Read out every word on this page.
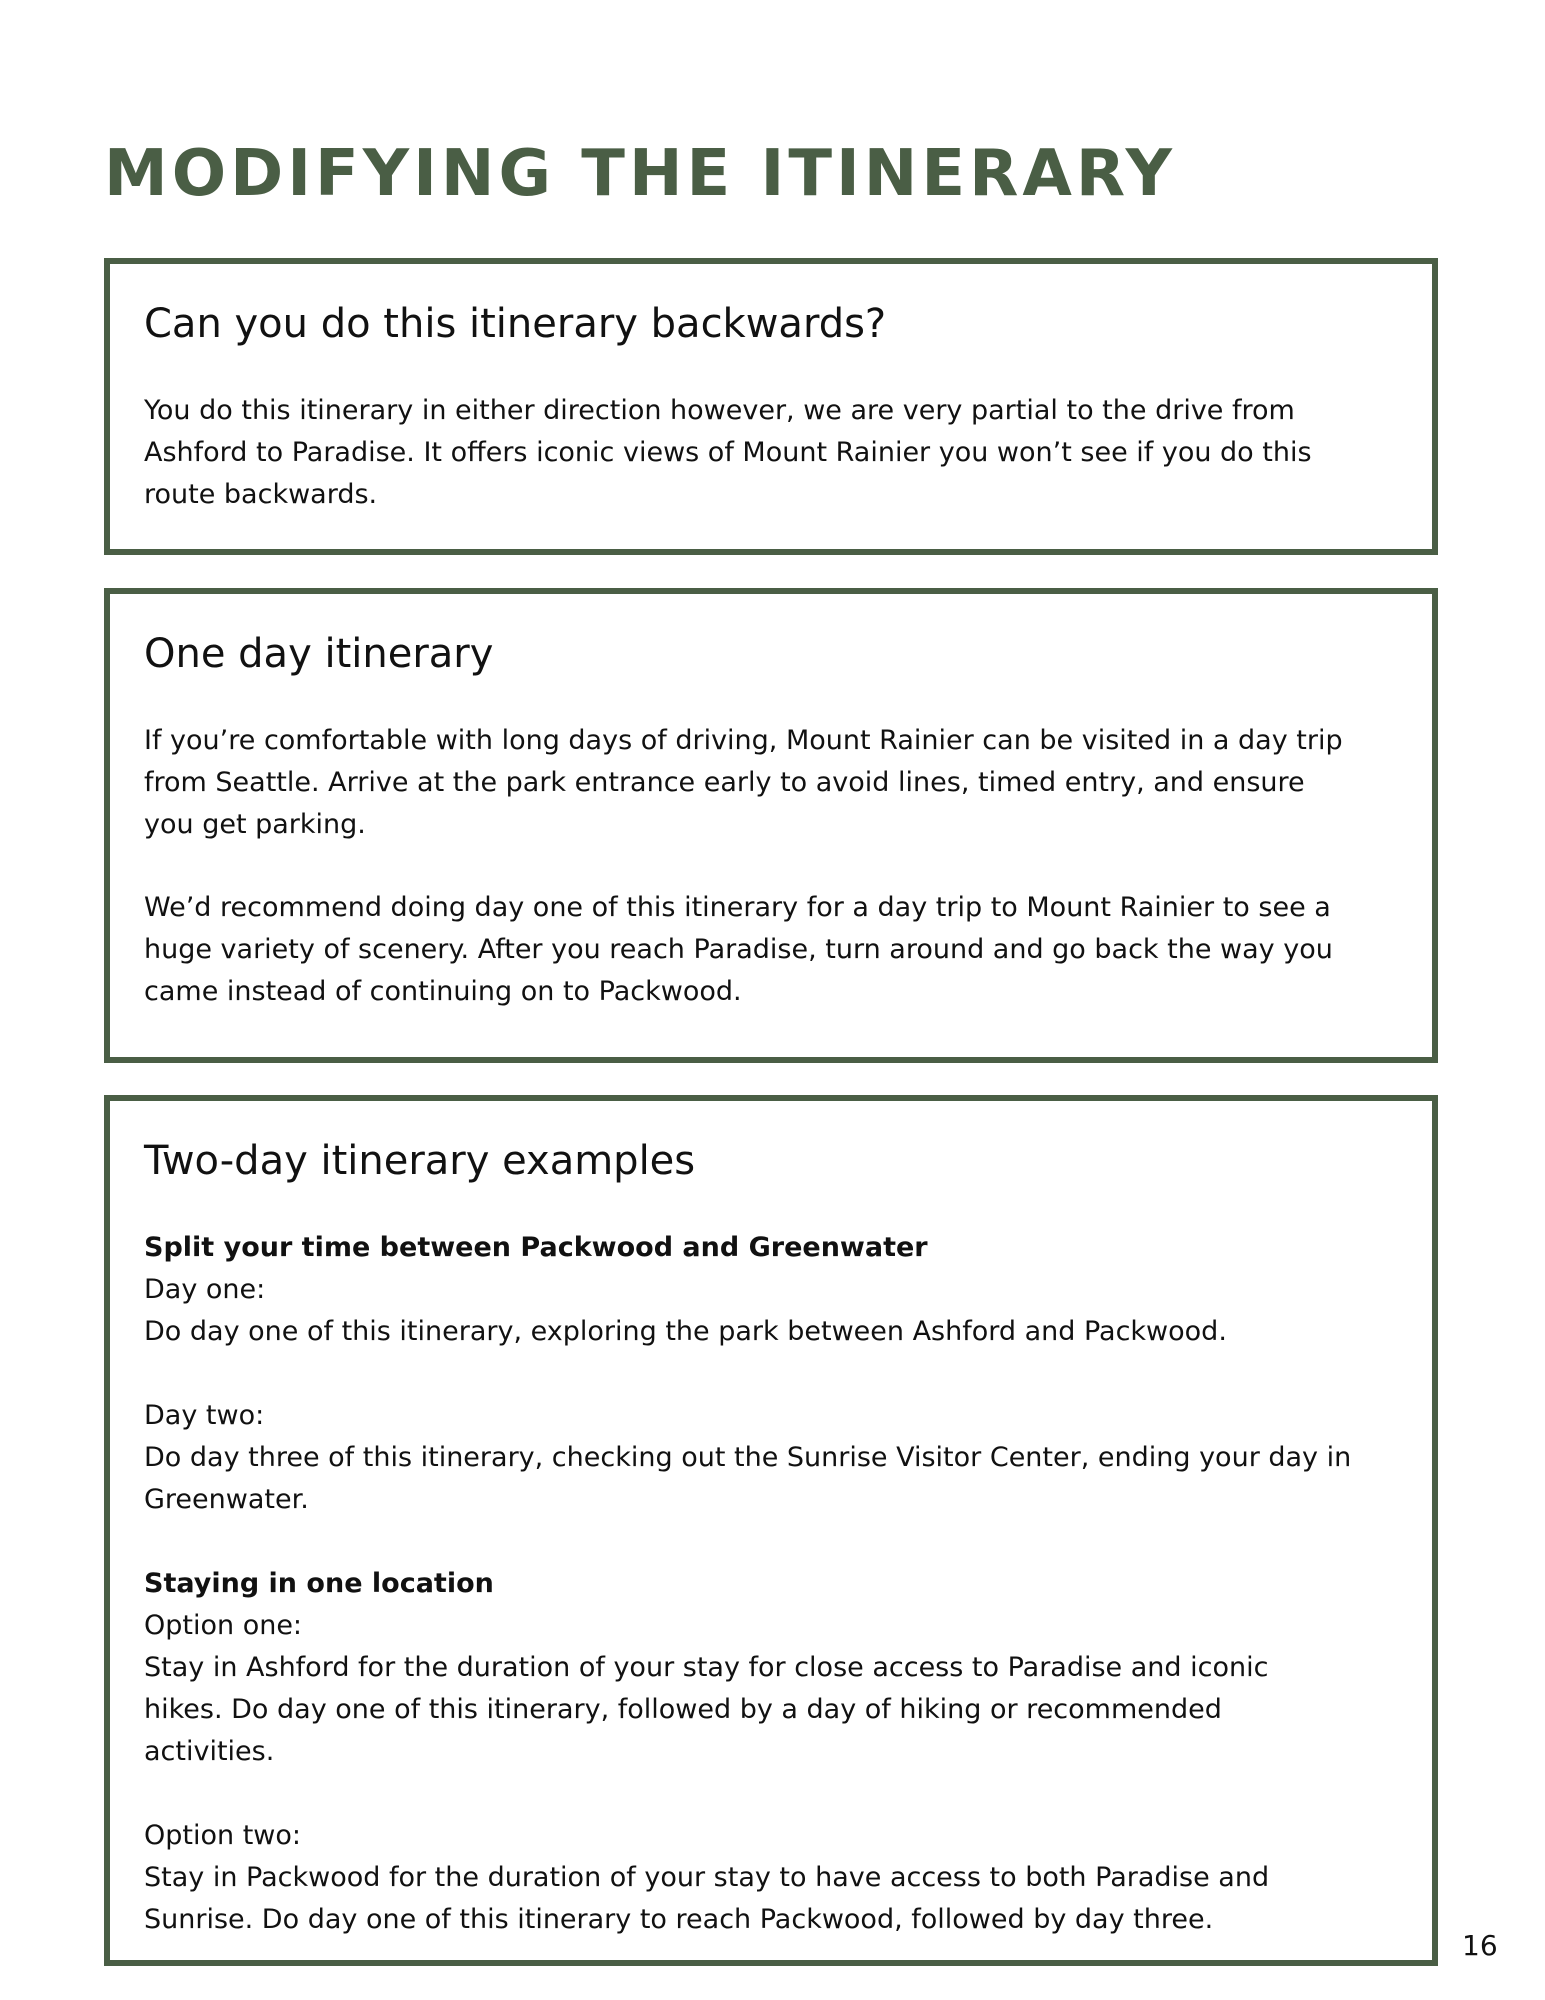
MODIFYING THE ITINERARY
Can you do this itinerary backwards?

You do this itinerary in either direction however, we are very partial to the drive from
Ashford to Paradise. It offers iconic views of Mount Rainier you won’t see if you do this
route backwards.

One day itinerary

If you’re comfortable with long days of driving, Mount Rainier can be visited in a day trip
from Seattle. Arrive at the park entrance early to avoid lines, timed entry, and ensure
you get parking.

We’d recommend doing day one of this itinerary for a day trip to Mount Rainier to see a
huge variety of scenery. After you reach Paradise, turn around and go back the way you
came instead of continuing on to Packwood.

Two-day itinerary examples

Split your time between Packwood and Greenwater

Day one:

Do day one of this itinerary, exploring the park between Ashford and Packwood.

Day two:

Do day three of this itinerary, checking out the Sunrise Visitor Center, ending your day in
Greenwater.

Staying in one location

Option one:

Stay in Ashford for the duration of your stay for close access to Paradise and iconic
hikes. Do day one of this itinerary, followed by a day of hiking or recommended
activities.

Option two:

Stay in Packwood for the duration of your stay to have access to both Paradise and
Sunrise. Do day one of this itinerary to reach Packwood, followed by day three.

16
